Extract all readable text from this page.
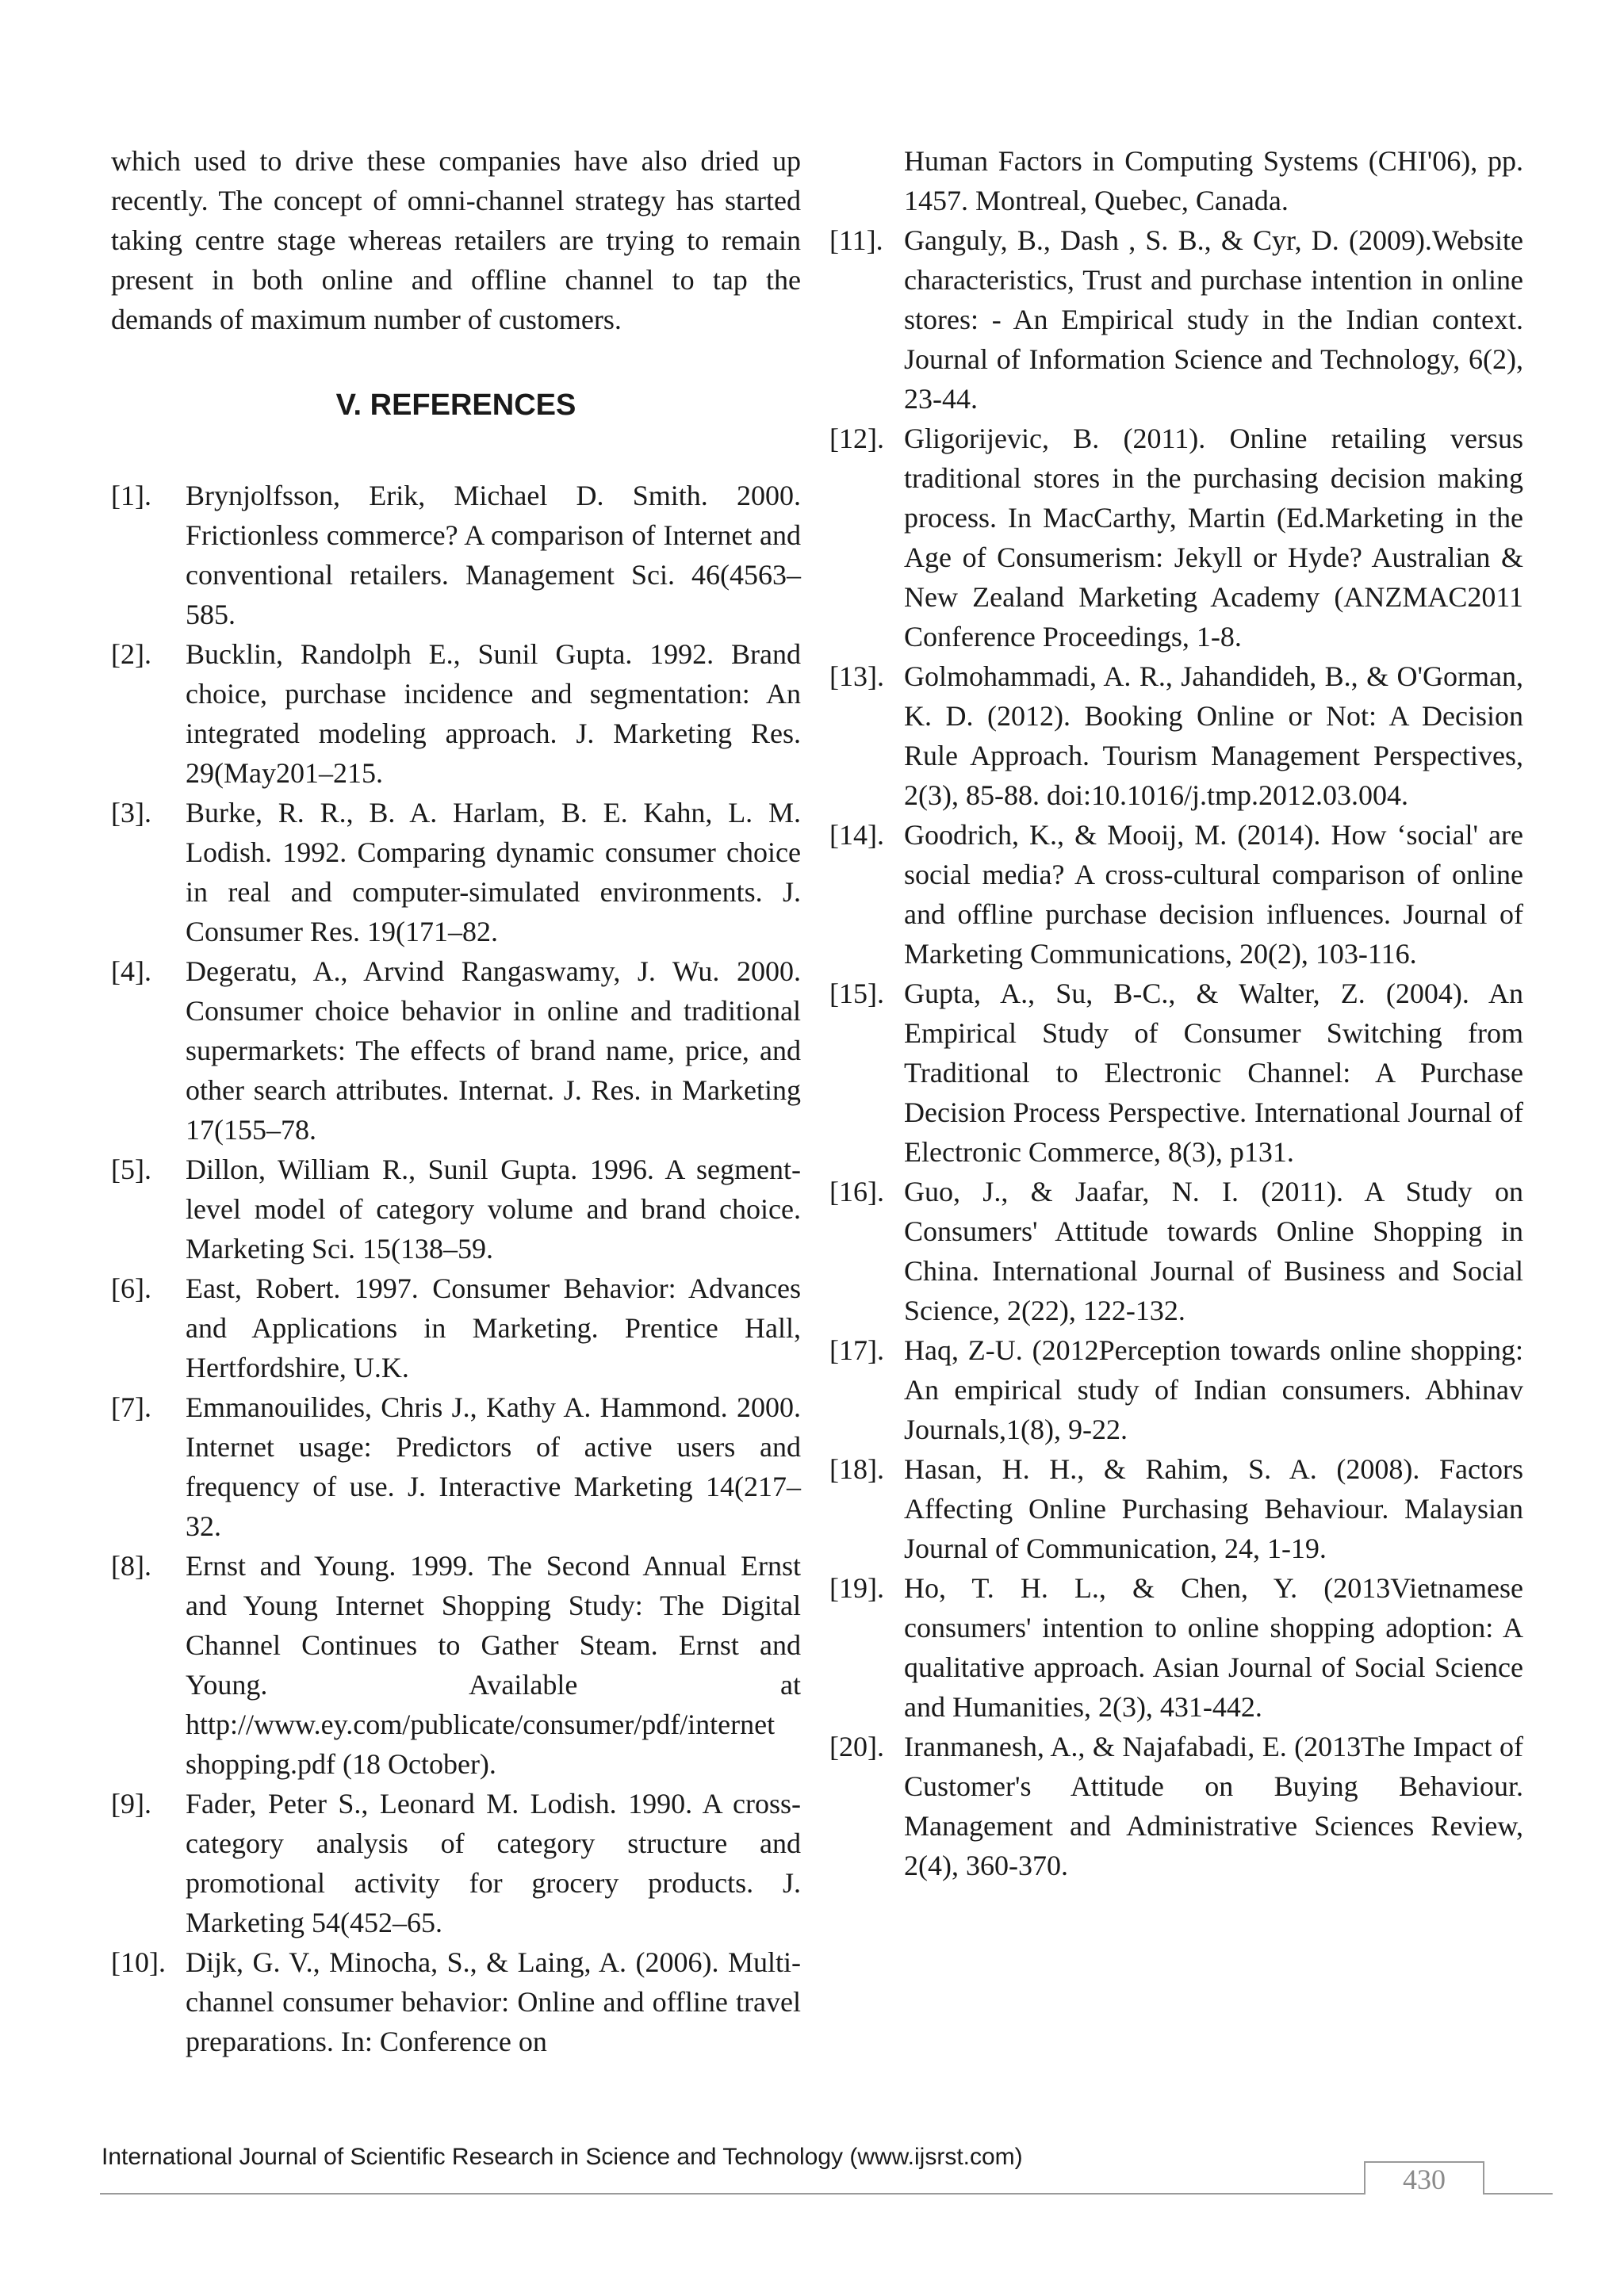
which used to drive these companies have also dried up recently. The concept of omni-channel strategy has started taking centre stage whereas retailers are trying to remain present in both online and offline channel to tap the demands of maximum number of customers.

V. REFERENCES
[1].	Brynjolfsson, Erik, Michael D. Smith. 2000. Frictionless commerce? A comparison of Internet and conventional retailers. Management Sci. 46(4563–585.
[2].	Bucklin, Randolph E., Sunil Gupta. 1992. Brand choice, purchase incidence and segmentation: An integrated modeling approach. J. Marketing Res. 29(May201–215.
[3].	Burke, R. R., B. A. Harlam, B. E. Kahn, L. M. Lodish. 1992. Comparing dynamic consumer choice in real and computer-simulated environments. J. Consumer Res. 19(171–82.
[4].	Degeratu, A., Arvind Rangaswamy, J. Wu. 2000. Consumer choice behavior in online and traditional supermarkets: The effects of brand name, price, and other search attributes. Internat. J. Res. in Marketing 17(155–78.
[5].	Dillon, William R., Sunil Gupta. 1996. A segment-level model of category volume and brand choice. Marketing Sci. 15(138–59.
[6].	East, Robert. 1997. Consumer Behavior: Advances and Applications in Marketing. Prentice Hall, Hertfordshire, U.K.
[7].	Emmanouilides, Chris J., Kathy A. Hammond. 2000. Internet usage: Predictors of active users and frequency of use. J. Interactive Marketing 14(217–32.
[8].	Ernst and Young. 1999. The Second Annual Ernst and Young Internet Shopping Study: The Digital Channel Continues to Gather Steam. Ernst and Young. Available at http://www.ey.com/publicate/consumer/pdf/internet shopping.pdf (18 October).
[9].	Fader, Peter S., Leonard M. Lodish. 1990. A cross-category analysis of category structure and promotional activity for grocery products. J. Marketing 54(452–65.
[10]. Dijk, G. V., Minocha, S., & Laing, A. (2006). Multi-channel consumer behavior: Online and offline travel preparations. In: Conference on
Human Factors in Computing Systems (CHI'06), pp. 1457. Montreal, Quebec, Canada.
[11]. Ganguly, B., Dash , S. B., & Cyr, D. (2009).Website characteristics, Trust and purchase intention in online stores: - An Empirical study in the Indian context. Journal of Information Science and Technology, 6(2), 23-44.
[12]. Gligorijevic, B. (2011). Online retailing versus traditional stores in the purchasing decision making process. In MacCarthy, Martin (Ed.Marketing in the Age of Consumerism: Jekyll or Hyde? Australian & New Zealand Marketing Academy (ANZMAC2011 Conference Proceedings, 1-8.
[13]. Golmohammadi, A. R., Jahandideh, B., & O'Gorman, K. D. (2012). Booking Online or Not: A Decision Rule Approach. Tourism Management Perspectives, 2(3), 85-88. doi:10.1016/j.tmp.2012.03.004.
[14]. Goodrich, K., & Mooij, M. (2014). How ‘social' are social media? A cross-cultural comparison of online and offline purchase decision influences. Journal of Marketing Communications, 20(2), 103-116.
[15]. Gupta, A., Su, B-C., & Walter, Z. (2004). An Empirical Study of Consumer Switching from Traditional to Electronic Channel: A Purchase Decision Process Perspective. International Journal of Electronic Commerce, 8(3), p131.
[16]. Guo, J., & Jaafar, N. I. (2011). A Study on Consumers' Attitude towards Online Shopping in China. International Journal of Business and Social Science, 2(22), 122-132.
[17]. Haq, Z-U. (2012Perception towards online shopping: An empirical study of Indian consumers. Abhinav Journals,1(8), 9-22.
[18]. Hasan, H. H., & Rahim, S. A. (2008). Factors Affecting Online Purchasing Behaviour. Malaysian Journal of Communication, 24, 1-19.
[19]. Ho, T. H. L., & Chen, Y. (2013Vietnamese consumers' intention to online shopping adoption: A qualitative approach. Asian Journal of Social Science and Humanities, 2(3), 431-442.
[20]. Iranmanesh, A., & Najafabadi, E. (2013The Impact of Customer's Attitude on Buying Behaviour. Management and Administrative Sciences Review, 2(4), 360-370.
International Journal of Scientific Research in Science and Technology (www.ijsrst.com)
430
